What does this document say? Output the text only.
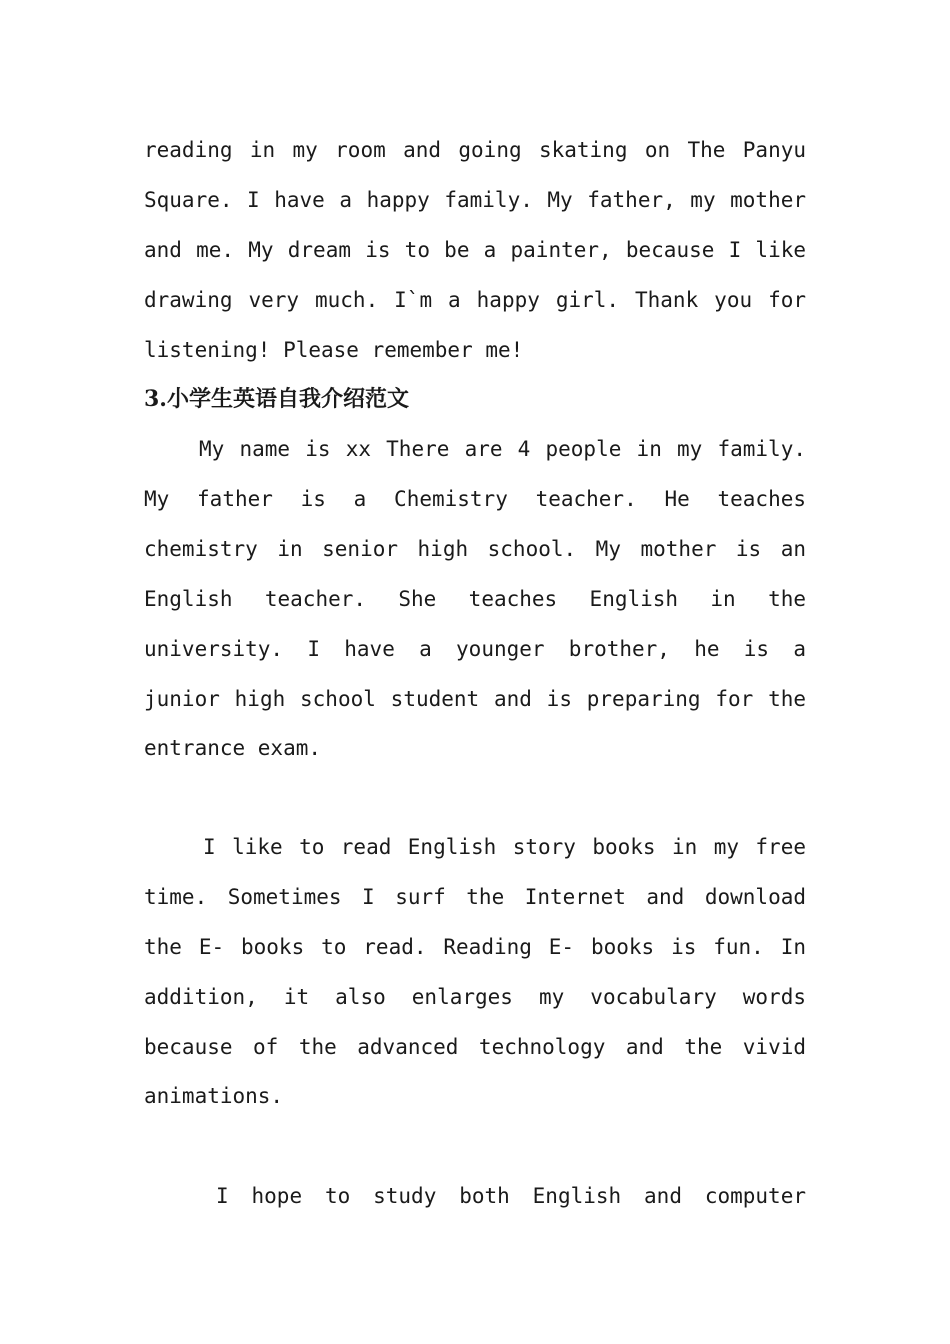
reading in my room and going skating on The Panyu

Square. I have a happy family. My father, my mother

and me. My dream is to be a painter, because I like

drawing very much. I`m a happy girl. Thank you for

listening! Please remember me!

3.小学生英语自我介绍范文

My name is xx There are 4 people in my family.

My father is a Chemistry teacher. He teaches

chemistry in senior high school. My mother is an

English teacher. She teaches English in the

university. I have a younger brother, he is a

junior high school student and is preparing for the

entrance exam.

I like to read English story books in my free

time. Sometimes I surf the Internet and download

the E- books to read. Reading E- books is fun. In

addition, it also enlarges my vocabulary words

because of the advanced technology and the vivid

animations.

I hope to study both English and computer
